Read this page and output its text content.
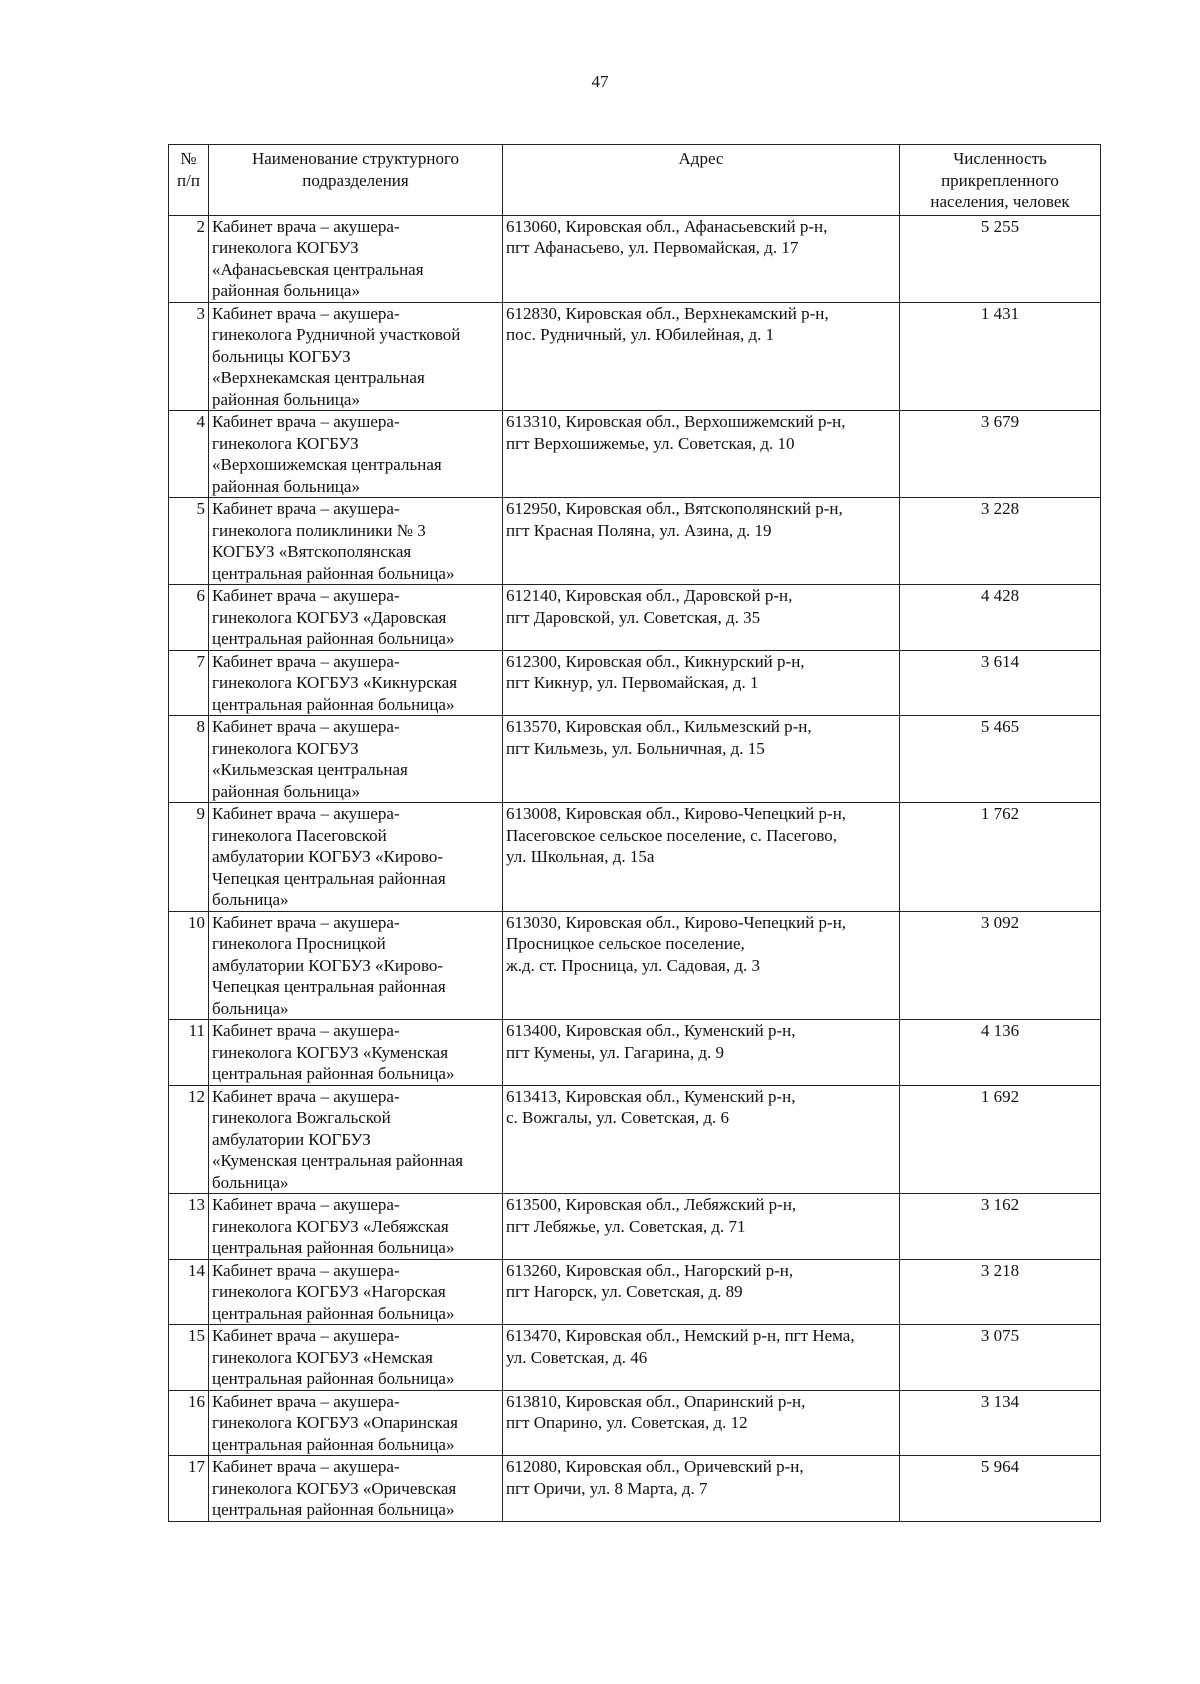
47
№
п/п	Наименование структурного подразделения	Адрес	Численность прикрепленного населения, человек
2	Кабинет врача – акушера-
гинеколога КОГБУЗ
«Афанасьевская центральная
районная больница»	613060, Кировская обл., Афанасьевский р-н,
пгт Афанасьево, ул. Первомайская, д. 17	5 255
3	Кабинет врача – акушера-
гинеколога Рудничной участковой
больницы КОГБУЗ
«Верхнекамская центральная
районная больница»	612830, Кировская обл., Верхнекамский р-н,
пос. Рудничный, ул. Юбилейная, д. 1	1 431
4	Кабинет врача – акушера-
гинеколога КОГБУЗ
«Верхошижемская центральная
районная больница»	613310, Кировская обл., Верхошижемский р-н,
пгт Верхошижемье, ул. Советская, д. 10	3 679
5	Кабинет врача – акушера-
гинеколога поликлиники № 3
КОГБУЗ «Вятскополянская
центральная районная больница»	612950, Кировская обл., Вятскополянский р-н,
пгт Красная Поляна, ул. Азина, д. 19	3 228
6	Кабинет врача – акушера-
гинеколога КОГБУЗ «Даровская
центральная районная больница»	612140, Кировская обл., Даровской р-н,
пгт Даровской, ул. Советская, д. 35	4 428
7	Кабинет врача – акушера-
гинеколога КОГБУЗ «Кикнурская
центральная районная больница»	612300, Кировская обл., Кикнурский р-н,
пгт Кикнур, ул. Первомайская, д. 1	3 614
8	Кабинет врача – акушера-
гинеколога КОГБУЗ
«Кильмезская центральная
районная больница»	613570, Кировская обл., Кильмезский р-н,
пгт Кильмезь, ул. Больничная, д. 15	5 465
9	Кабинет врача – акушера-
гинеколога Пасеговской
амбулатории КОГБУЗ «Кирово-
Чепецкая центральная районная
больница»	613008, Кировская обл., Кирово-Чепецкий р-н,
Пасеговское сельское поселение, с. Пасегово,
ул. Школьная, д. 15а	1 762
10	Кабинет врача – акушера-
гинеколога Просницкой
амбулатории КОГБУЗ «Кирово-
Чепецкая центральная районная
больница»	613030, Кировская обл., Кирово-Чепецкий р-н,
Просницкое сельское поселение,
ж.д. ст. Просница, ул. Садовая, д. 3	3 092
11	Кабинет врача – акушера-
гинеколога КОГБУЗ «Куменская
центральная районная больница»	613400, Кировская обл., Куменский р-н,
пгт Кумены, ул. Гагарина, д. 9	4 136
12	Кабинет врача – акушера-
гинеколога Вожгальской
амбулатории КОГБУЗ
«Куменская центральная районная
больница»	613413, Кировская обл., Куменский р-н,
с. Вожгалы, ул. Советская, д. 6	1 692
13	Кабинет врача – акушера-
гинеколога КОГБУЗ «Лебяжская
центральная районная больница»	613500, Кировская обл., Лебяжский р-н,
пгт Лебяжье, ул. Советская, д. 71	3 162
14	Кабинет врача – акушера-
гинеколога КОГБУЗ «Нагорская
центральная районная больница»	613260, Кировская обл., Нагорский р-н,
пгт Нагорск, ул. Советская, д. 89	3 218
15	Кабинет врача – акушера-
гинеколога КОГБУЗ «Немская
центральная районная больница»	613470, Кировская обл., Немский р-н, пгт Нема,
ул. Советская, д. 46	3 075
16	Кабинет врача – акушера-
гинеколога КОГБУЗ «Опаринская
центральная районная больница»	613810, Кировская обл., Опаринский р-н,
пгт Опарино, ул. Советская, д. 12	3 134
17	Кабинет врача – акушера-
гинеколога КОГБУЗ «Оричевская
центральная районная больница»	612080, Кировская обл., Оричевский р-н,
пгт Оричи, ул. 8 Марта, д. 7	5 964
